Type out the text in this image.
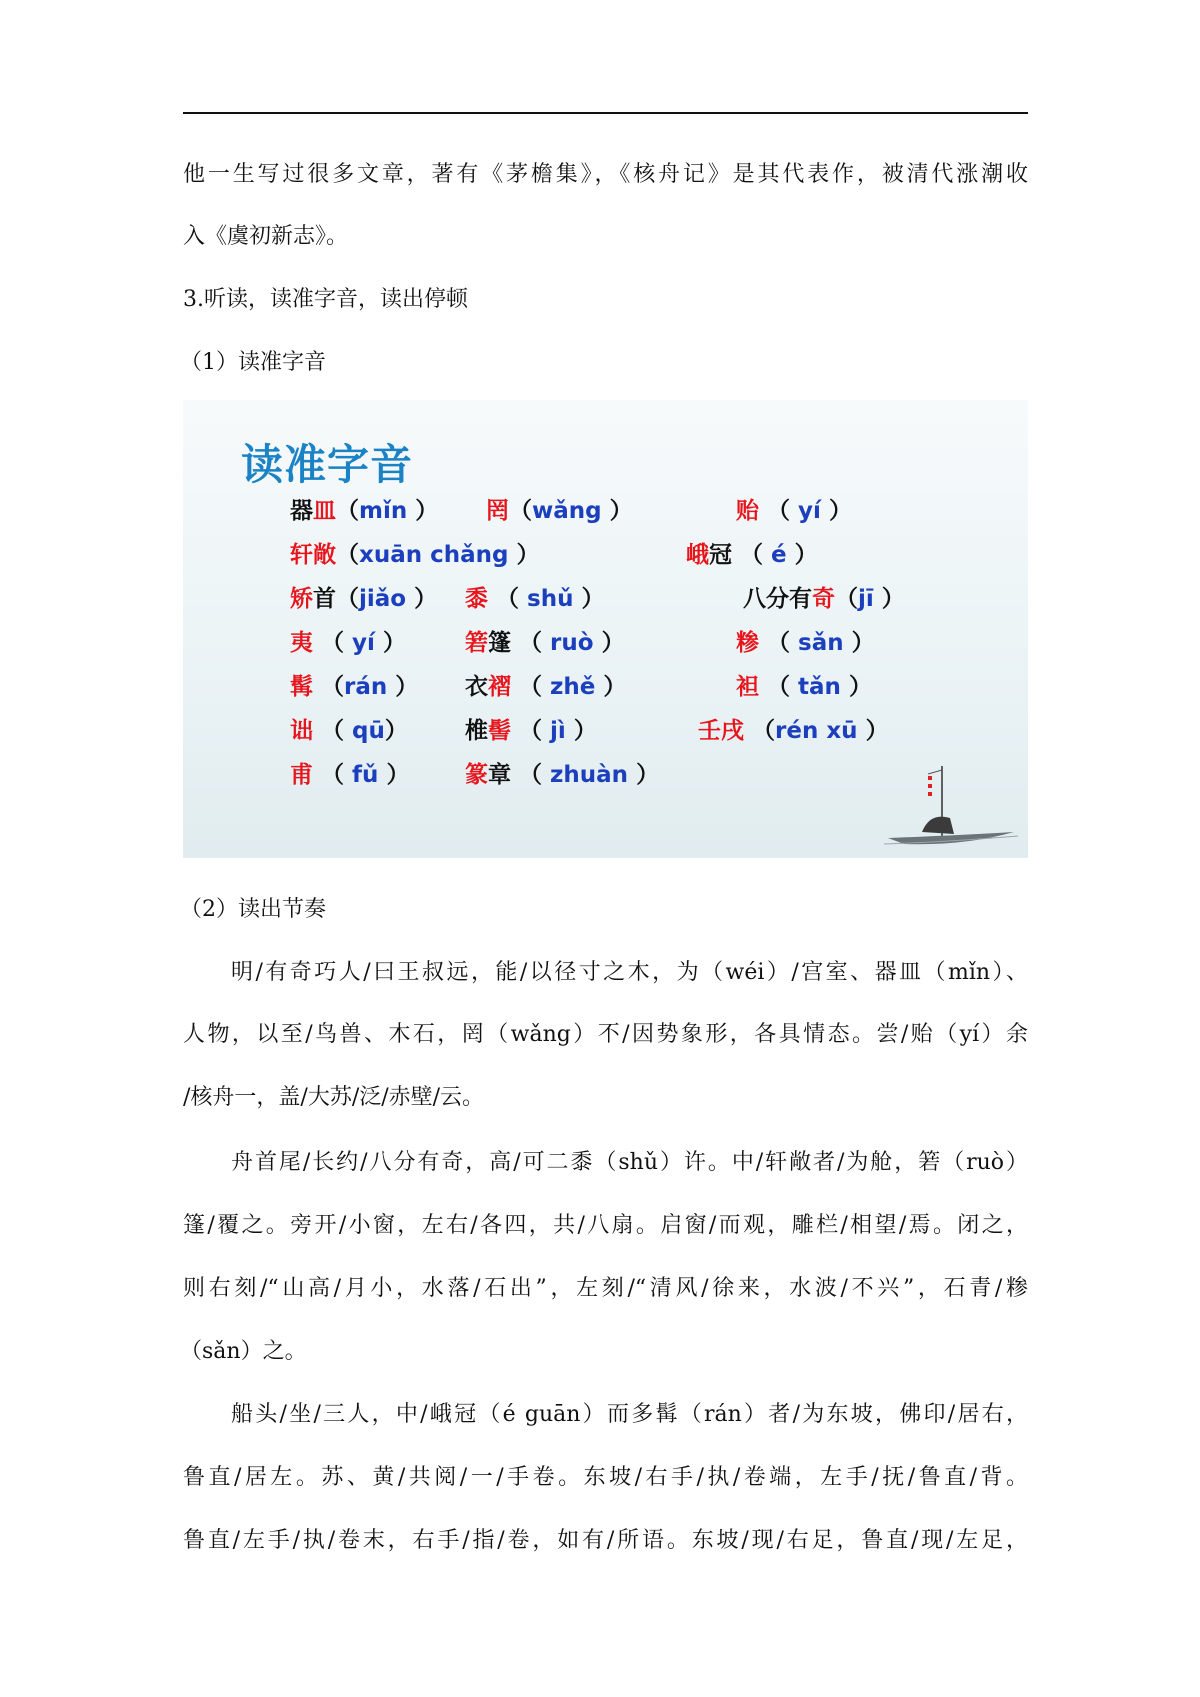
他一生写过很多文章，著有《茅檐集》，《核舟记》是其代表作，被清代涨潮收
入《虞初新志》。
3.听读，读准字音，读出停顿
（1）读准字音
读准字音
器皿（mǐn ） 罔（wǎng ）	贻 （ yí ）
轩敞（xuān chǎng ）	峨冠 （ é ）
矫首（jiǎo ） 黍 （ shǔ ）	八分有奇（jī ）
夷 （ yí ）	箬篷 （ ruò ）	糁 （ sǎn ）
髯 （rán ） 衣褶 （ zhě ）	袒 （ tǎn ）
诎 （ qū） 椎髻 （ jì ）	壬戌 （rén xū ）
甫 （ fǔ ） 篆章 （ zhuàn ）
（2）读出节奏
明/有奇巧人/曰王叔远，能/以径寸之木，为（wéi）/宫室、器皿（mǐn）、
人物，以至/鸟兽、木石，罔（wǎng）不/因势象形，各具情态。尝/贻（yí）余
/核舟一，盖/大苏/泛/赤壁/云。
舟首尾/长约/八分有奇，高/可二黍（shǔ）许。中/轩敞者/为舱，箬（ruò）
篷/覆之。旁开/小窗，左右/各四，共/八扇。启窗/而观，雕栏/相望/焉。闭之，
则右刻/“山高/月小，水落/石出”，左刻/“清风/徐来，水波/不兴”，石青/糁
（sǎn）之。
船头/坐/三人，中/峨冠（é guān）而多髯（rán）者/为东坡，佛印/居右，
鲁直/居左。苏、黄/共阅/一/手卷。东坡/右手/执/卷端，左手/抚/鲁直/背。
鲁直/左手/执/卷末，右手/指/卷，如有/所语。东坡/现/右足，鲁直/现/左足，
